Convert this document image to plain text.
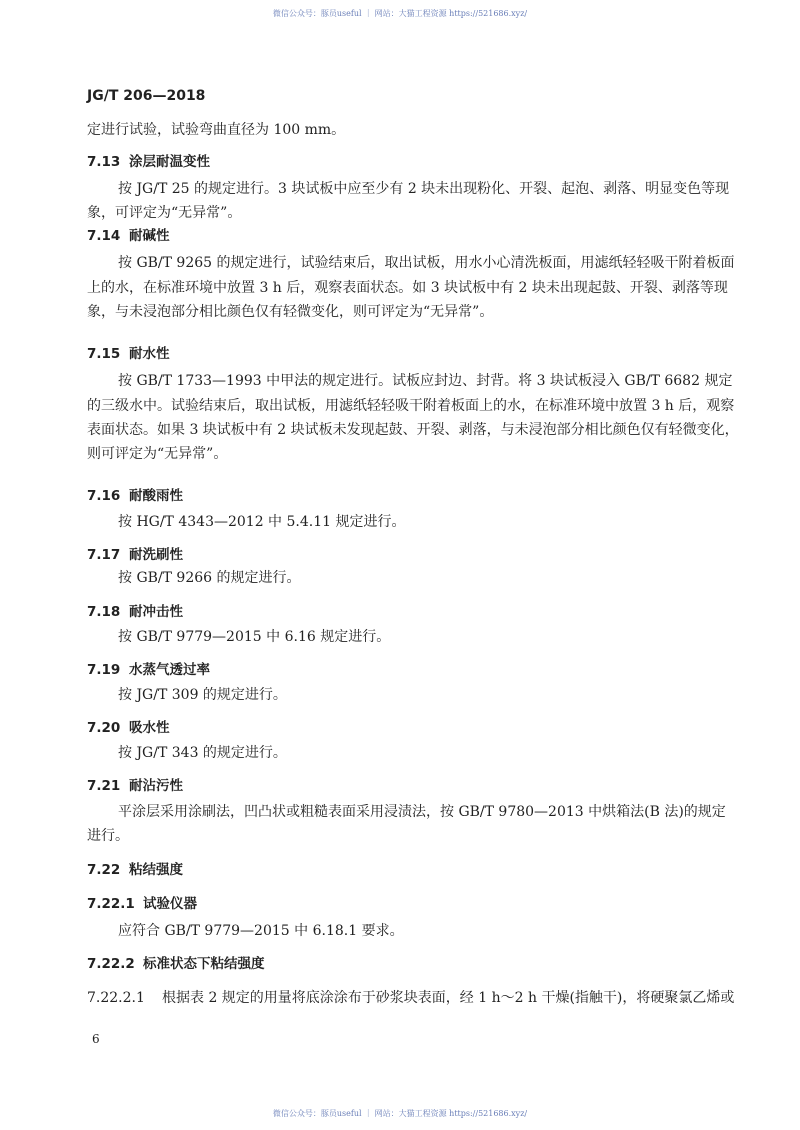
微信公众号：豚员useful ｜ 网站：大猫工程资源 https://521686.xyz/
JG/T 206—2018
定进行试验，试验弯曲直径为 100 mm。
7.13 涂层耐温变性
按 JG/T 25 的规定进行。3 块试板中应至少有 2 块未出现粉化、开裂、起泡、剥落、明显变色等现
象，可评定为“无异常”。
7.14 耐碱性
按 GB/T 9265 的规定进行，试验结束后，取出试板，用水小心清洗板面，用滤纸轻轻吸干附着板面
上的水，在标准环境中放置 3 h 后，观察表面状态。如 3 块试板中有 2 块未出现起鼓、开裂、剥落等现
象，与未浸泡部分相比颜色仅有轻微变化，则可评定为“无异常”。
7.15 耐水性
按 GB/T 1733—1993 中甲法的规定进行。试板应封边、封背。将 3 块试板浸入 GB/T 6682 规定
的三级水中。试验结束后，取出试板，用滤纸轻轻吸干附着板面上的水，在标准环境中放置 3 h 后，观察
表面状态。如果 3 块试板中有 2 块试板未发现起鼓、开裂、剥落，与未浸泡部分相比颜色仅有轻微变化，
则可评定为“无异常”。
7.16 耐酸雨性
按 HG/T 4343—2012 中 5.4.11 规定进行。
7.17 耐洗刷性
按 GB/T 9266 的规定进行。
7.18 耐冲击性
按 GB/T 9779—2015 中 6.16 规定进行。
7.19 水蒸气透过率
按 JG/T 309 的规定进行。
7.20 吸水性
按 JG/T 343 的规定进行。
7.21 耐沾污性
平涂层采用涂刷法，凹凸状或粗糙表面采用浸渍法，按 GB/T 9780—2013 中烘箱法(B 法)的规定
进行。
7.22 粘结强度
7.22.1 试验仪器
应符合 GB/T 9779—2015 中 6.18.1 要求。
7.22.2 标准状态下粘结强度
7.22.2.1 根据表 2 规定的用量将底涂涂布于砂浆块表面，经 1 h～2 h 干燥(指触干)，将硬聚氯乙烯或
6
微信公众号：豚员useful ｜ 网站：大猫工程资源 https://521686.xyz/
